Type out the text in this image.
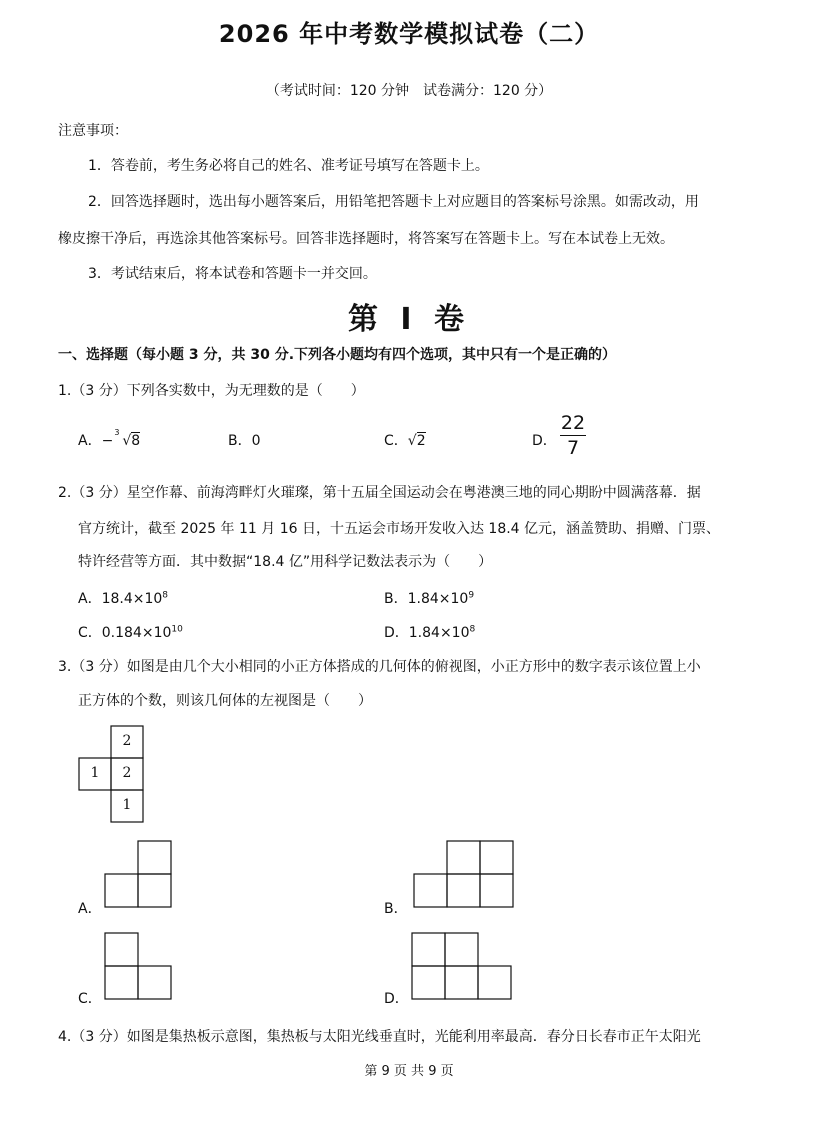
2026 年中考数学模拟试卷（二）
（考试时间：120 分钟　试卷满分：120 分）
注意事项：
1．答卷前，考生务必将自己的姓名、准考证号填写在答题卡上。
2．回答选择题时，选出每小题答案后，用铅笔把答题卡上对应题目的答案标号涂黑。如需改动，用
橡皮擦干净后，再选涂其他答案标号。回答非选择题时，将答案写在答题卡上。写在本试卷上无效。
3．考试结束后，将本试卷和答题卡一并交回。
第 I 卷
一、选择题（每小题 3 分，共 30 分.下列各小题均有四个选项，其中只有一个是正确的）
1.（3 分）下列各实数中，为无理数的是（　　）
A．−
3
√8	B．0	C．√2	D．
22
7
2.（3 分）星空作幕、前海湾畔灯火璀璨，第十五届全国运动会在粤港澳三地的同心期盼中圆满落幕．据
官方统计，截至 2025 年 11 月 16 日，十五运会市场开发收入达 18.4 亿元，涵盖赞助、捐赠、门票、
特许经营等方面．其中数据“18.4 亿”用科学记数法表示为（　　）
A．$18.4\times 10^8$	B．$1.84\times 10^9$
C．$0.184\times 10^{10}$	D．$1.84\times 10^8$
3.（3 分）如图是由几个大小相同的小正方体搭成的几何体的俯视图，小正方形中的数字表示该位置上小
正方体的个数，则该几何体的左视图是（　　）
2
1	2
1
A．	B．
C．	D．
4.（3 分）如图是集热板示意图，集热板与太阳光线垂直时，光能利用率最高．春分日长春市正午太阳光
第 9 页 共 9 页
